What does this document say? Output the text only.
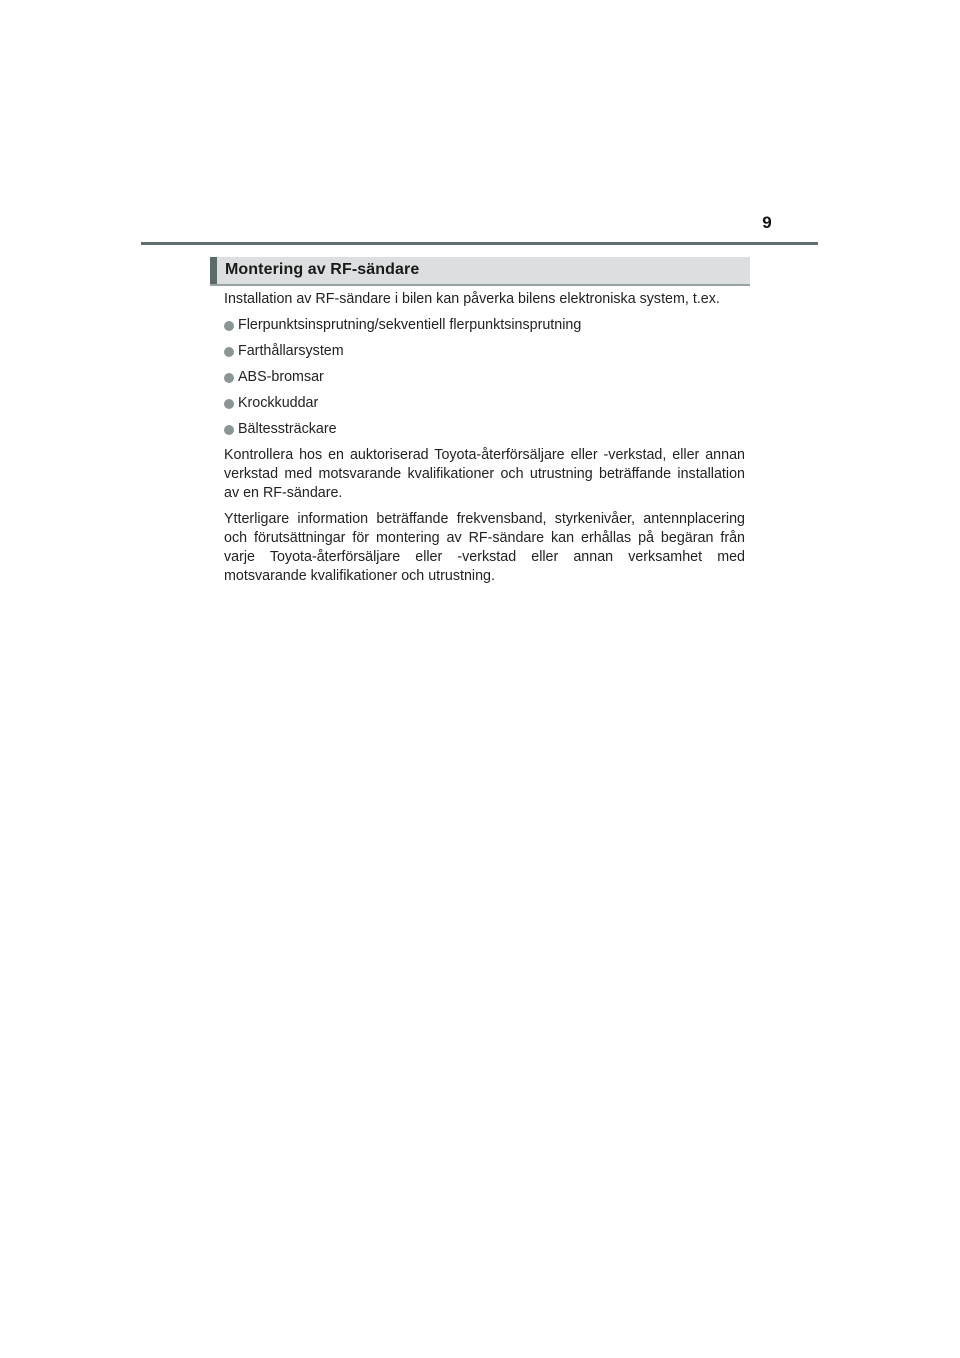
9
Montering av RF-sändare

Installation av RF-sändare i bilen kan påverka bilens elektroniska system, t.ex.

Flerpunktsinsprutning/sekventiell flerpunktsinsprutning
Farthållarsystem
ABS-bromsar
Krockkuddar
Bältessträckare

Kontrollera hos en auktoriserad Toyota-återförsäljare eller -verkstad, eller annan verkstad med motsvarande kvalifikationer och utrustning beträffande installation av en RF-sändare.

Ytterligare information beträffande frekvensband, styrkenivåer, antennplacering och förutsättningar för montering av RF-sändare kan erhållas på begäran från varje Toyota-återförsäljare eller -verkstad eller annan verksamhet med motsvarande kvalifikationer och utrustning.
